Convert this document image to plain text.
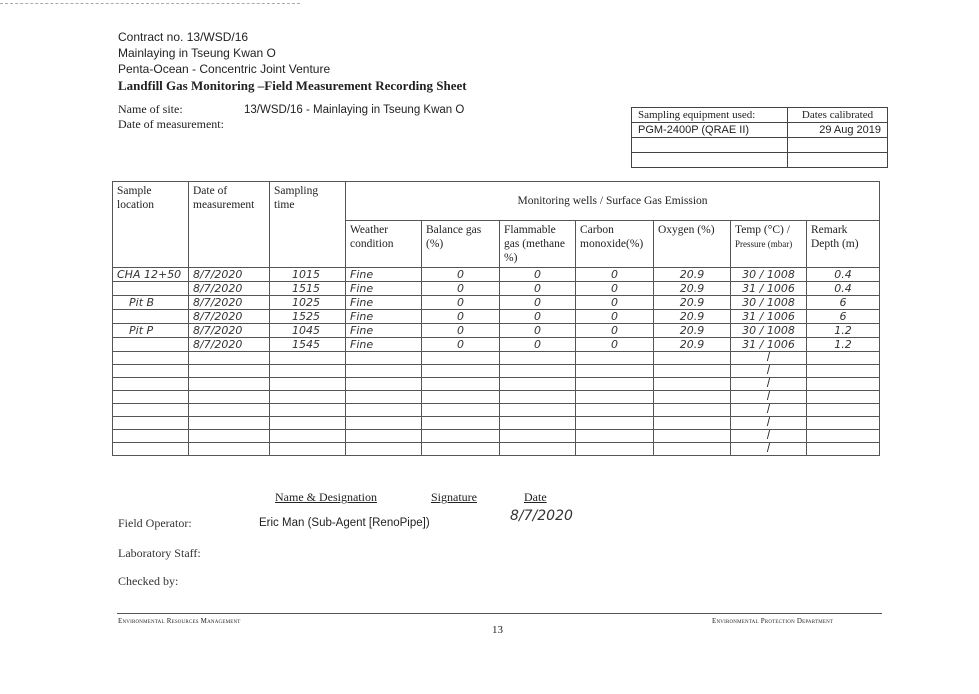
Contract no. 13/WSD/16
Mainlaying in Tseung Kwan O
Penta-Ocean - Concentric Joint Venture
Landfill Gas Monitoring –Field Measurement Recording Sheet
Name of site:	13/WSD/16 - Mainlaying in Tseung Kwan O
Date of measurement:
Sampling equipment used:	Dates calibrated
PGM-2400P (QRAE II)	29 Aug 2019

Sample location	Date of measurement	Sampling time	Monitoring wells / Surface Gas Emission						
			Weather condition	Balance gas (%)	Flammable gas (methane %)	Carbon monoxide(%)	Oxygen (%)	Temp (°C) /
Pressure (mbar)	Remark Depth (m)
CHA 12+50	8/7/2020	1015	Fine	0	0	0	20.9	30 / 1008	0.4
	8/7/2020	1515	Fine	0	0	0	20.9	31 / 1006	0.4
Pit B	8/7/2020	1025	Fine	0	0	0	20.9	30 / 1008	6
	8/7/2020	1525	Fine	0	0	0	20.9	31 / 1006	6
Pit P	8/7/2020	1045	Fine	0	0	0	20.9	30 / 1008	1.2
	8/7/2020	1545	Fine	0	0	0	20.9	31 / 1006	1.2
								/	
								/	
								/	
								/	
								/	
								/	
								/	
								/	
Name & Designation	Signature	Date
Field Operator:	Eric Man (Sub-Agent [RenoPipe])	8/7/2020
Laboratory Staff:
Checked by:
Environmental Resources Management	Environmental Protection Department
13
